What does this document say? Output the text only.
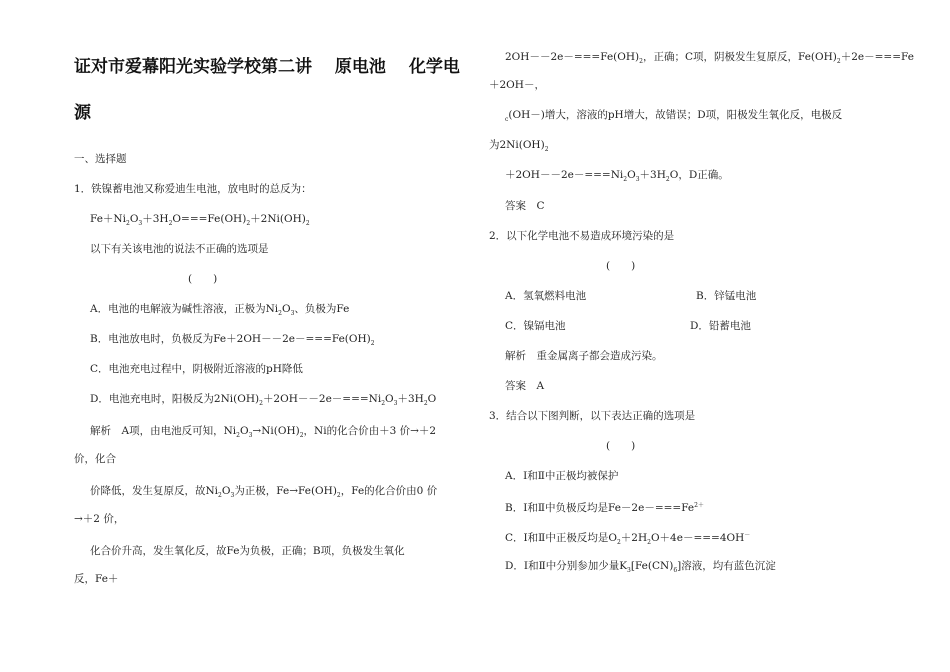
证对市爱幕阳光实验学校第二讲　 原电池　 化学电
源
一、选择题
1．铁镍蓄电池又称爱迪生电池，放电时的总反为：
$Fe+Ni_2O_3+3H_2O===Fe(OH)_2+2Ni(OH)_2$
以下有关该电池的说法不正确的选项是
(　　)
A．电池的电解液为碱性溶液，正极为$Ni_2O_3$、负极为Fe
B．电池放电时，负极反为$Fe+2OH--2e-===Fe(OH)_2$
C．电池充电过程中，阴极附近溶液的pH降低
D．电池充电时，阳极反为$2Ni(OH)_2+2OH--2e-===Ni_2O_3+3H_2O$
解析　A项，由电池反可知，$Ni_2O_3\to Ni(OH)_2$，Ni的化合价由＋3 价→＋2
价，化合
价降低，发生复原反，故$Ni_2O_3$为正极，$Fe\to Fe(OH)_2$，Fe的化合价由0 价
→＋2 价，
化合价升高，发生氧化反，故Fe为负极，正确；B项，负极发生氧化
反，Fe＋
$2OH--2e-===Fe(OH)_2$，正确；C项，阴极发生复原反，$Fe(OH)_2+2e-===Fe$
＋2OH－，
$_c$(OH－)增大，溶液的pH增大，故错误；D项，阳极发生氧化反，电极反
为$2Ni(OH)_2$
$+2OH--2e-===Ni_2O_3+3H_2O$，D正确。
答案　C
2．以下化学电池不易造成环境污染的是
(　　)
A．氢氧燃料电池	B．锌锰电池
C．镍镉电池	D．铅蓄电池
解析　重金属离子都会造成污染。
答案　A
3．结合以下图判断，以下表达正确的选项是
(　　)
A．Ⅰ和Ⅱ中正极均被保护
B．Ⅰ和Ⅱ中负极反均是$Fe-2e-===Fe^{2+}$
C．Ⅰ和Ⅱ中正极反均是$O_2+2H_2O+4e-===4OH^-$
D．Ⅰ和Ⅱ中分别参加少量$K_3[Fe(CN)_6]$溶液，均有蓝色沉淀
